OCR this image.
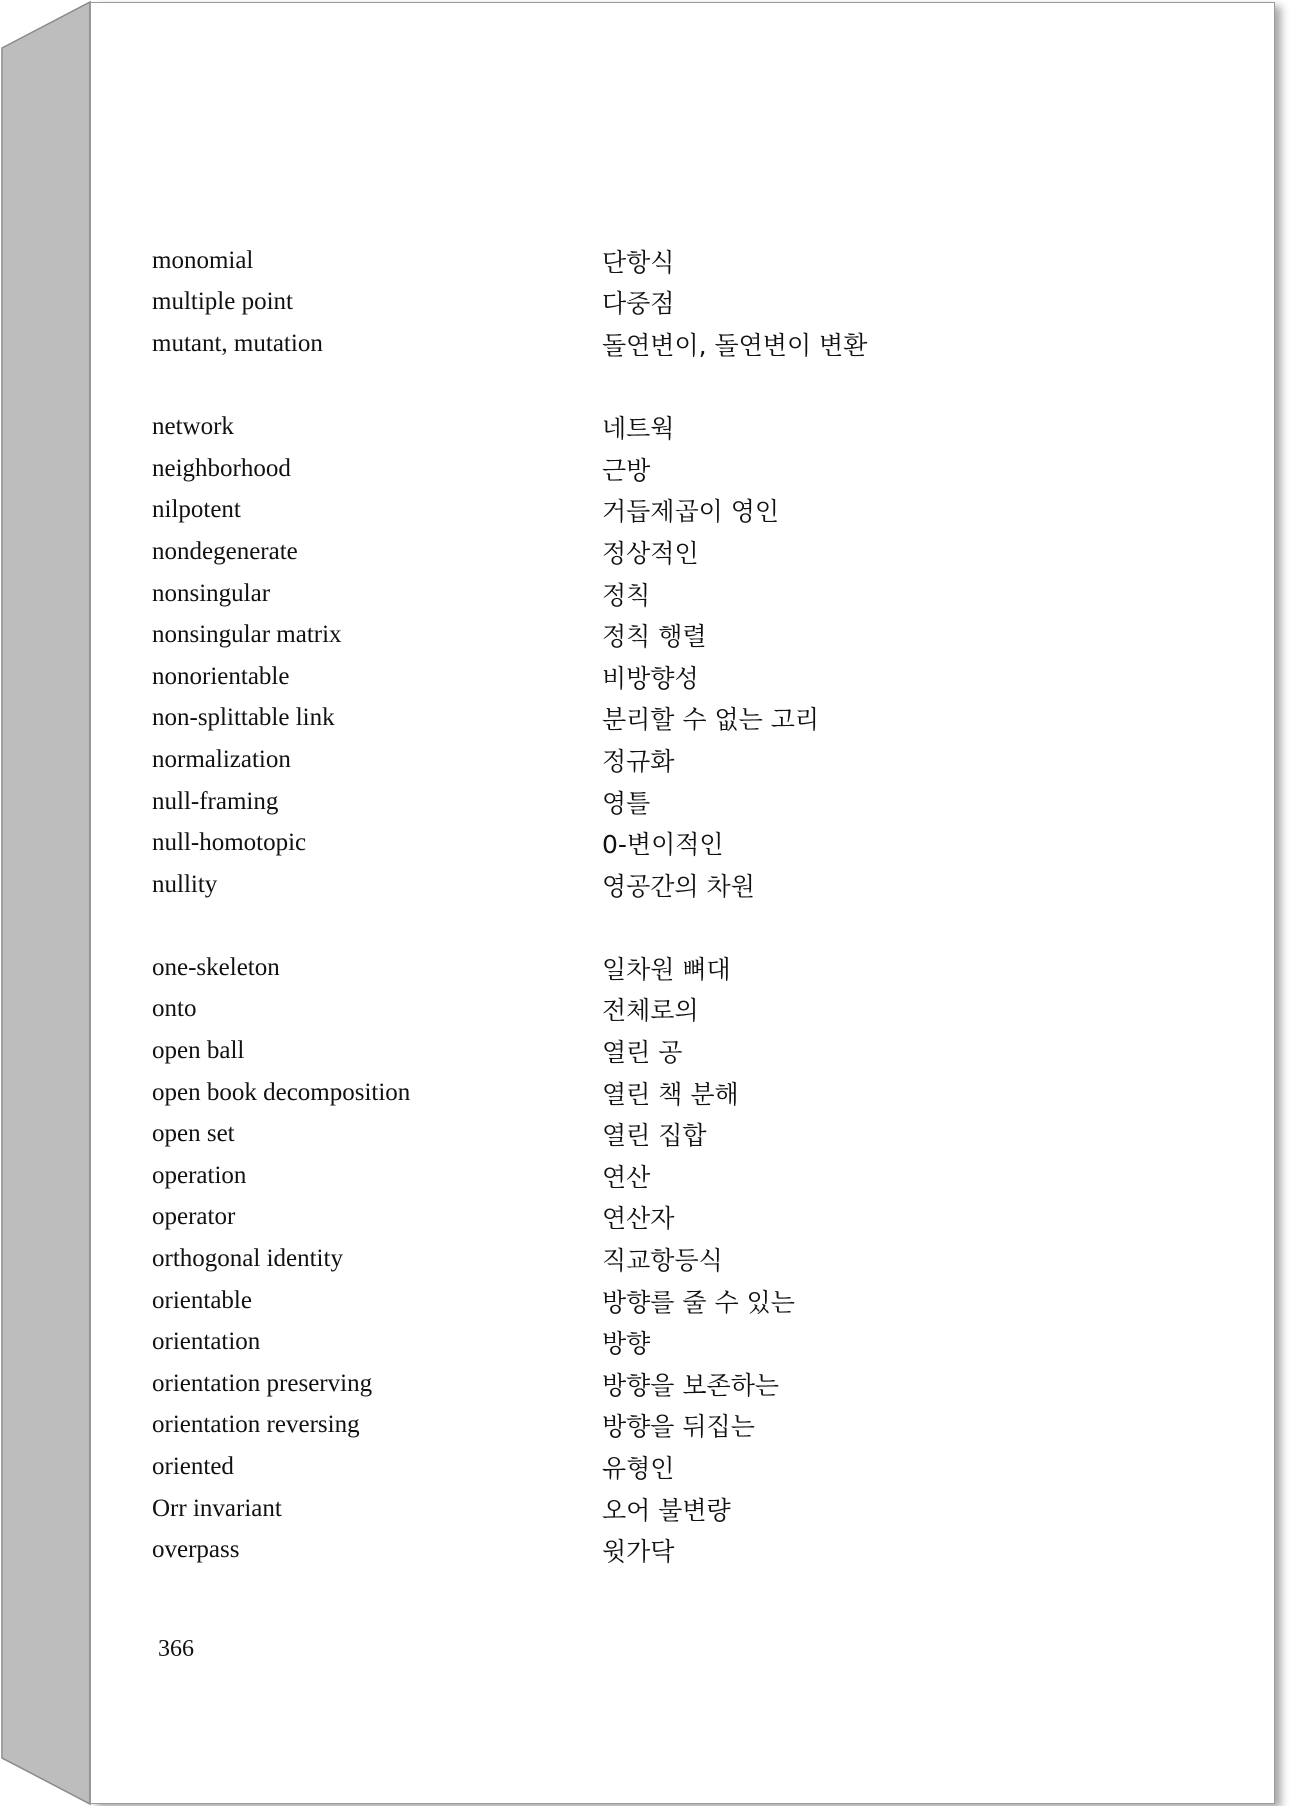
monomial	단항식
multiple point	다중점
mutant, mutation	돌연변이, 돌연변이 변환
network	네트웍
neighborhood	근방
nilpotent	거듭제곱이 영인
nondegenerate	정상적인
nonsingular	정칙
nonsingular matrix	정칙 행렬
nonorientable	비방향성
non-splittable link	분리할 수 없는 고리
normalization	정규화
null-framing	영틀
null-homotopic	0-변이적인
nullity	영공간의 차원
one-skeleton	일차원 뼈대
onto	전체로의
open ball	열린 공
open book decomposition	열린 책 분해
open set	열린 집합
operation	연산
operator	연산자
orthogonal identity	직교항등식
orientable	방향를 줄 수 있는
orientation	방향
orientation preserving	방향을 보존하는
orientation reversing	방향을 뒤집는
oriented	유형인
Orr invariant	오어 불변량
overpass	윗가닥
366
